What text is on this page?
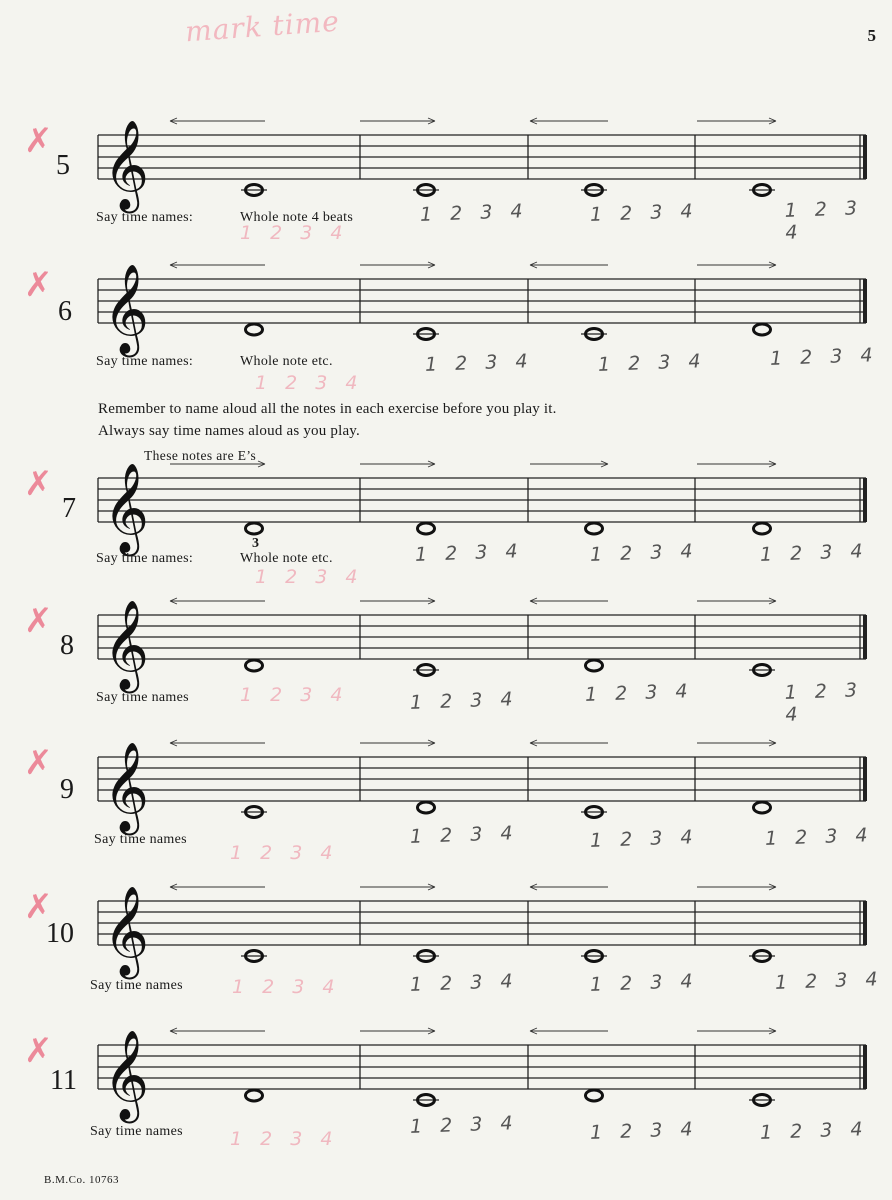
mark time	5
Remember to name aloud all the notes in each exercise before you play it.
Always say time names aloud as you play.
✗
5 𝄞
Say time names:	Whole note 4 beats	1 2 3 4	1 2 3 4	1 2 3 4
1 2 3 4
✗
6 𝄞
Say time names:	Whole note etc.	1 2 3 4	1 2 3 4	1 2 3 4
1 2 3 4
✗
7 𝄞
Say time names:	Whole note etc.	1 2 3 4	1 2 3 4	1 2 3 4
1 2 3 4
These notes are E’s
3
✗
8 𝄞
Say time names	1 2 3 4	1 2 3 4	1 2 3 4
1 2 3 4
✗
9 𝄞
Say time names	1 2 3 4	1 2 3 4	1 2 3 4
1 2 3 4
✗
10 𝄞
Say time names	1 2 3 4	1 2 3 4	1 2 3 4
1 2 3 4
✗
11 𝄞
Say time names	1 2 3 4	1 2 3 4	1 2 3 4
1 2 3 4
B.M.Co. 10763
